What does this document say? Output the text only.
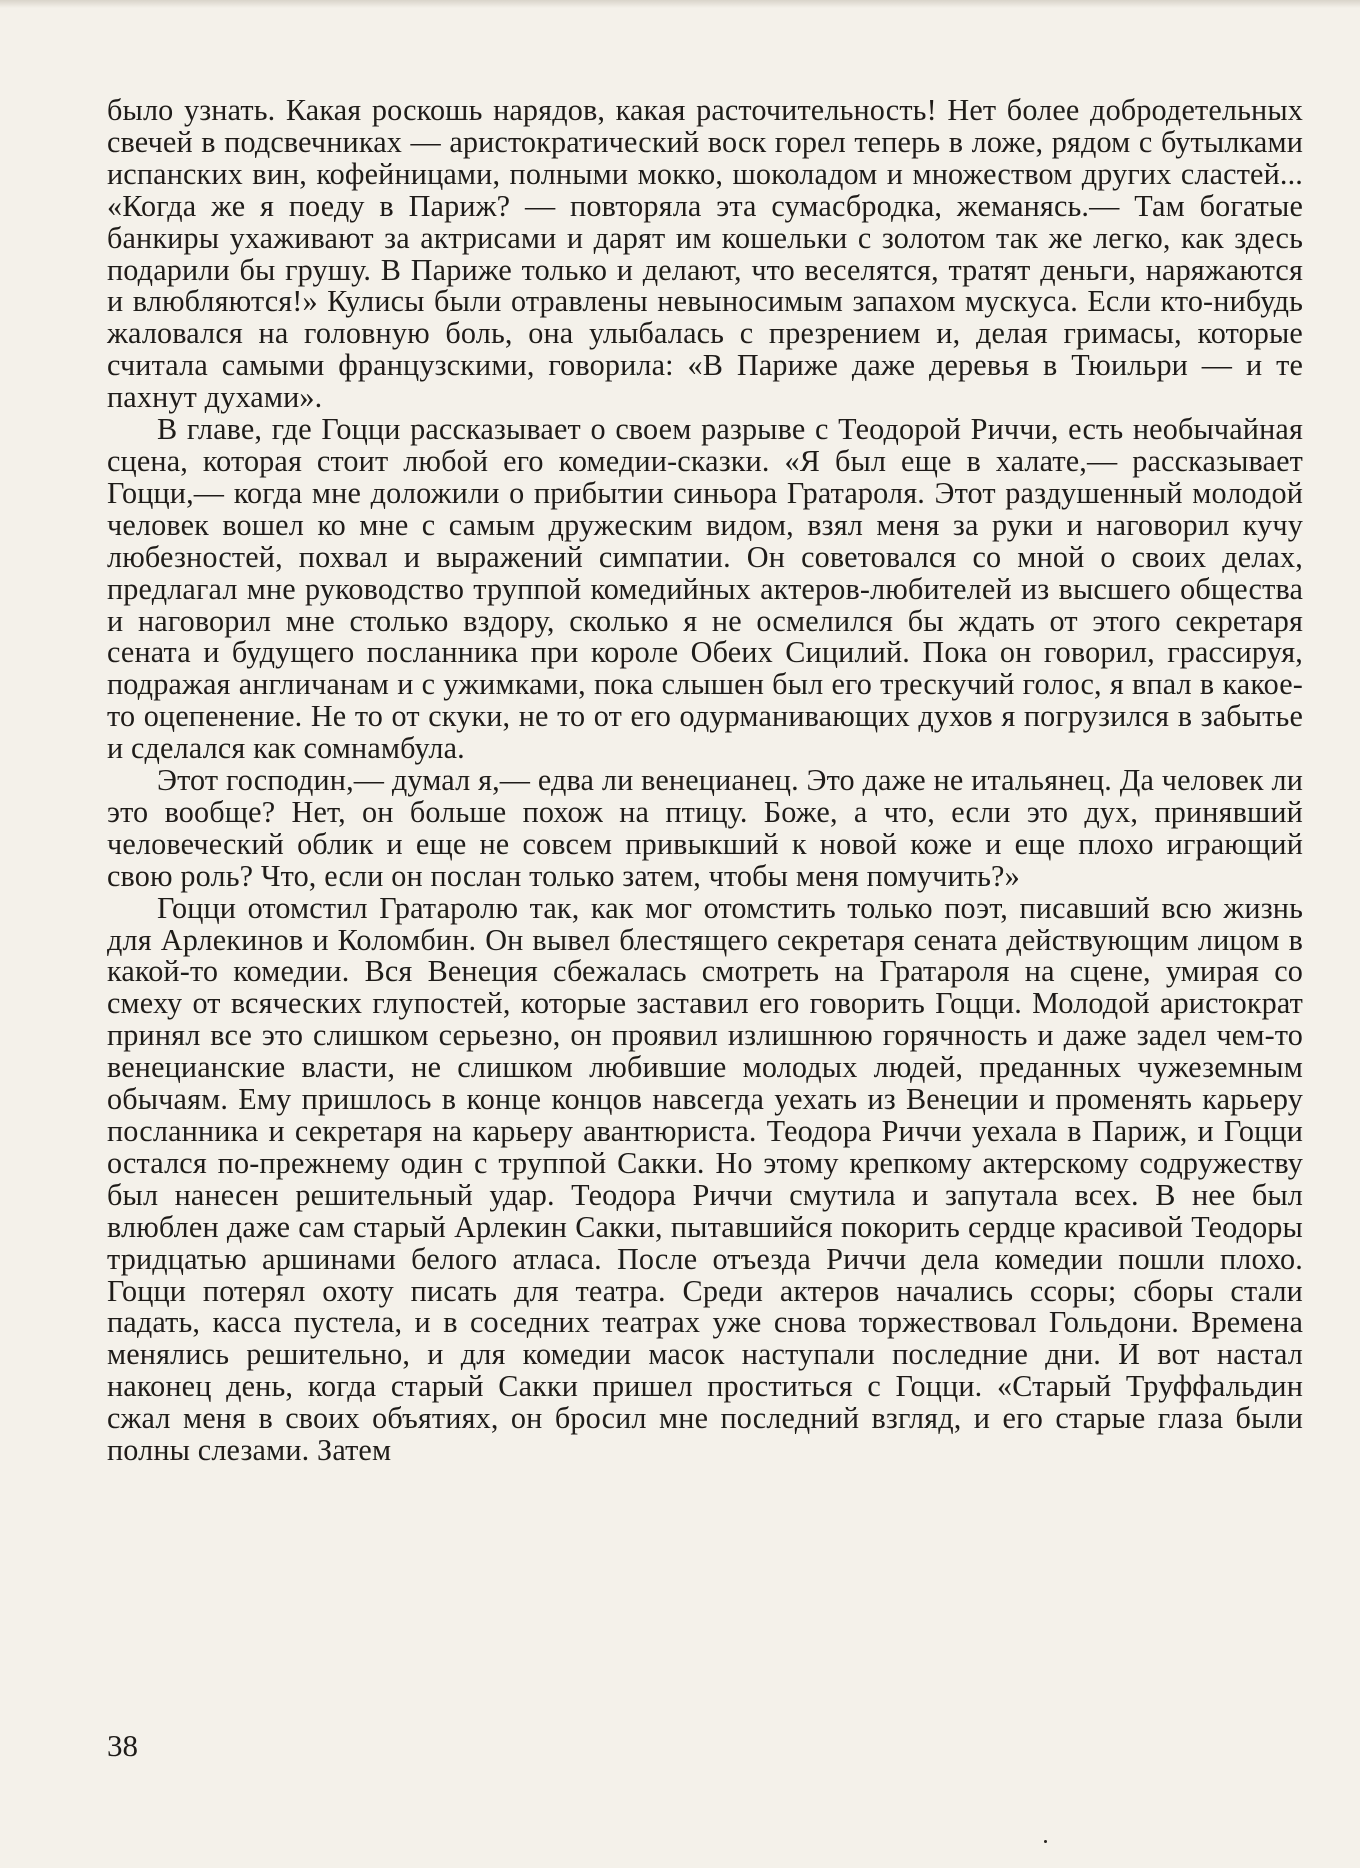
было узнать. Какая роскошь нарядов, какая расточительность! Нет более добродетельных свечей в подсвечниках — аристократический воск горел теперь в ложе, рядом с бутылками испанских вин, кофейницами, полными мокко, шоколадом и множеством других сластей... «Когда же я поеду в Париж? — повторяла эта сумасбродка, жеманясь.— Там богатые банкиры ухаживают за актрисами и дарят им кошельки с золотом так же легко, как здесь подарили бы грушу. В Париже только и делают, что веселятся, тратят деньги, наряжаются и влюбляются!» Кулисы были отравлены невыносимым запахом мускуса. Если кто-нибудь жаловался на головную боль, она улыбалась с презрением и, делая гримасы, которые считала самыми французскими, говорила: «В Париже даже деревья в Тюильри — и те пахнут духами».

В главе, где Гоцци рассказывает о своем разрыве с Теодорой Риччи, есть необычайная сцена, которая стоит любой его комедии-сказки. «Я был еще в халате,— рассказывает Гоцци,— когда мне доложили о прибытии синьора Гратароля. Этот раздушенный молодой человек вошел ко мне с самым дружеским видом, взял меня за руки и наговорил кучу любезностей, похвал и выражений симпатии. Он советовался со мной о своих делах, предлагал мне руководство труппой комедийных актеров-любителей из высшего общества и наговорил мне столько вздору, сколько я не осмелился бы ждать от этого секретаря сената и будущего посланника при короле Обеих Сицилий. Пока он говорил, грассируя, подражая англичанам и с ужимками, пока слышен был его трескучий голос, я впал в какое-то оцепенение. Не то от скуки, не то от его одурманивающих духов я погрузился в забытье и сделался как сомнамбула.

Этот господин,— думал я,— едва ли венецианец. Это даже не итальянец. Да человек ли это вообще? Нет, он больше похож на птицу. Боже, а что, если это дух, принявший человеческий облик и еще не совсем привыкший к новой коже и еще плохо играющий свою роль? Что, если он послан только затем, чтобы меня помучить?»

Гоцци отомстил Гратаролю так, как мог отомстить только поэт, писавший всю жизнь для Арлекинов и Коломбин. Он вывел блестящего секретаря сената действующим лицом в какой-то комедии. Вся Венеция сбежалась смотреть на Гратароля на сцене, умирая со смеху от всяческих глупостей, которые заставил его говорить Гоцци. Молодой аристократ принял все это слишком серьезно, он проявил излишнюю горячность и даже задел чем-то венецианские власти, не слишком любившие молодых людей, преданных чужеземным обычаям. Ему пришлось в конце концов навсегда уехать из Венеции и променять карьеру посланника и секретаря на карьеру авантюриста. Теодора Риччи уехала в Париж, и Гоцци остался по-прежнему один с труппой Сакки. Но этому крепкому актерскому содружеству был нанесен решительный удар. Теодора Риччи смутила и запутала всех. В нее был влюблен даже сам старый Арлекин Сакки, пытавшийся покорить сердце красивой Теодоры тридцатью аршинами белого атласа. После отъезда Риччи дела комедии пошли плохо. Гоцци потерял охоту писать для театра. Среди актеров начались ссоры; сборы стали падать, касса пустела, и в соседних театрах уже снова торжествовал Гольдони. Времена менялись решительно, и для комедии масок наступали последние дни. И вот настал наконец день, когда старый Сакки пришел проститься с Гоцци. «Старый Труффальдин сжал меня в своих объятиях, он бросил мне последний взгляд, и его старые глаза были полны слезами. Затем

38
